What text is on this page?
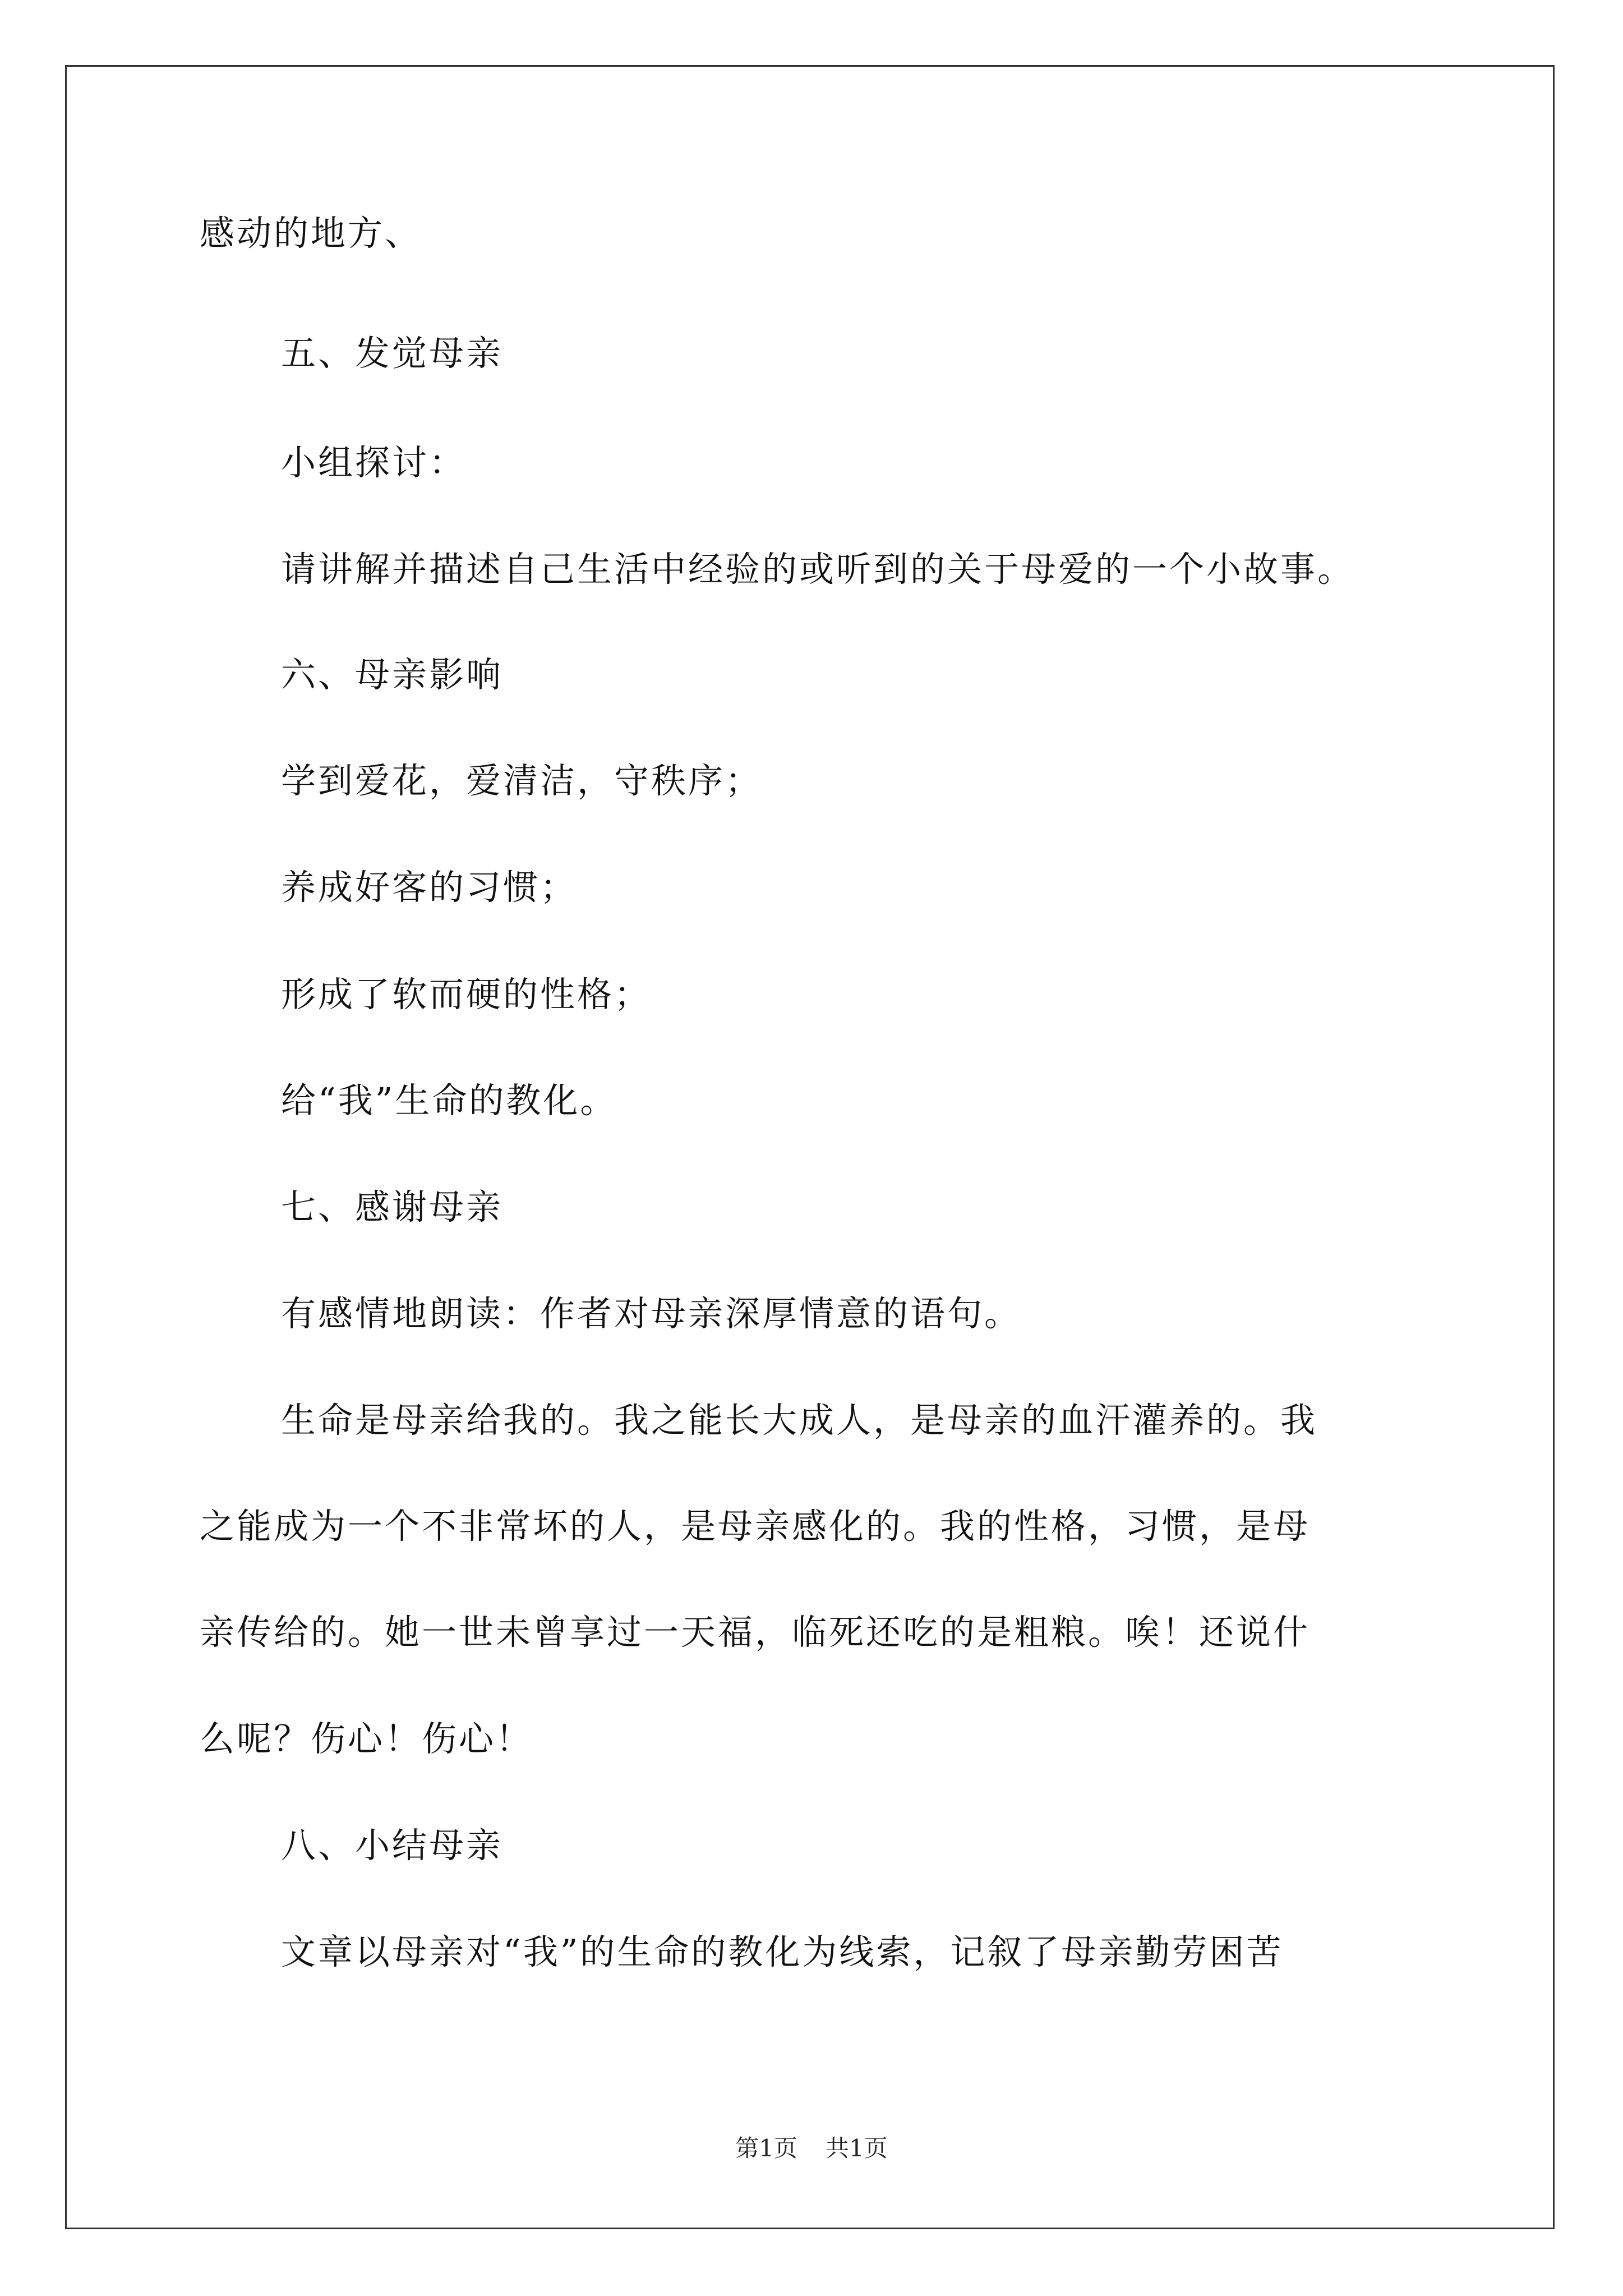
感动的地方、
五、发觉母亲
小组探讨：
请讲解并描述自己生活中经验的或听到的关于母爱的一个小故事。
六、母亲影响
学到爱花，爱清洁，守秩序；
养成好客的习惯；
形成了软而硬的性格；
给“我”生命的教化。
七、感谢母亲
有感情地朗读：作者对母亲深厚情意的语句。
生命是母亲给我的。我之能长大成人，是母亲的血汗灌养的。我
之能成为一个不非常坏的人，是母亲感化的。我的性格，习惯，是母
亲传给的。她一世未曾享过一天福，临死还吃的是粗粮。唉！还说什
么呢？伤心！伤心！
八、小结母亲
文章以母亲对“我”的生命的教化为线索，记叙了母亲勤劳困苦
第1页 共1页
